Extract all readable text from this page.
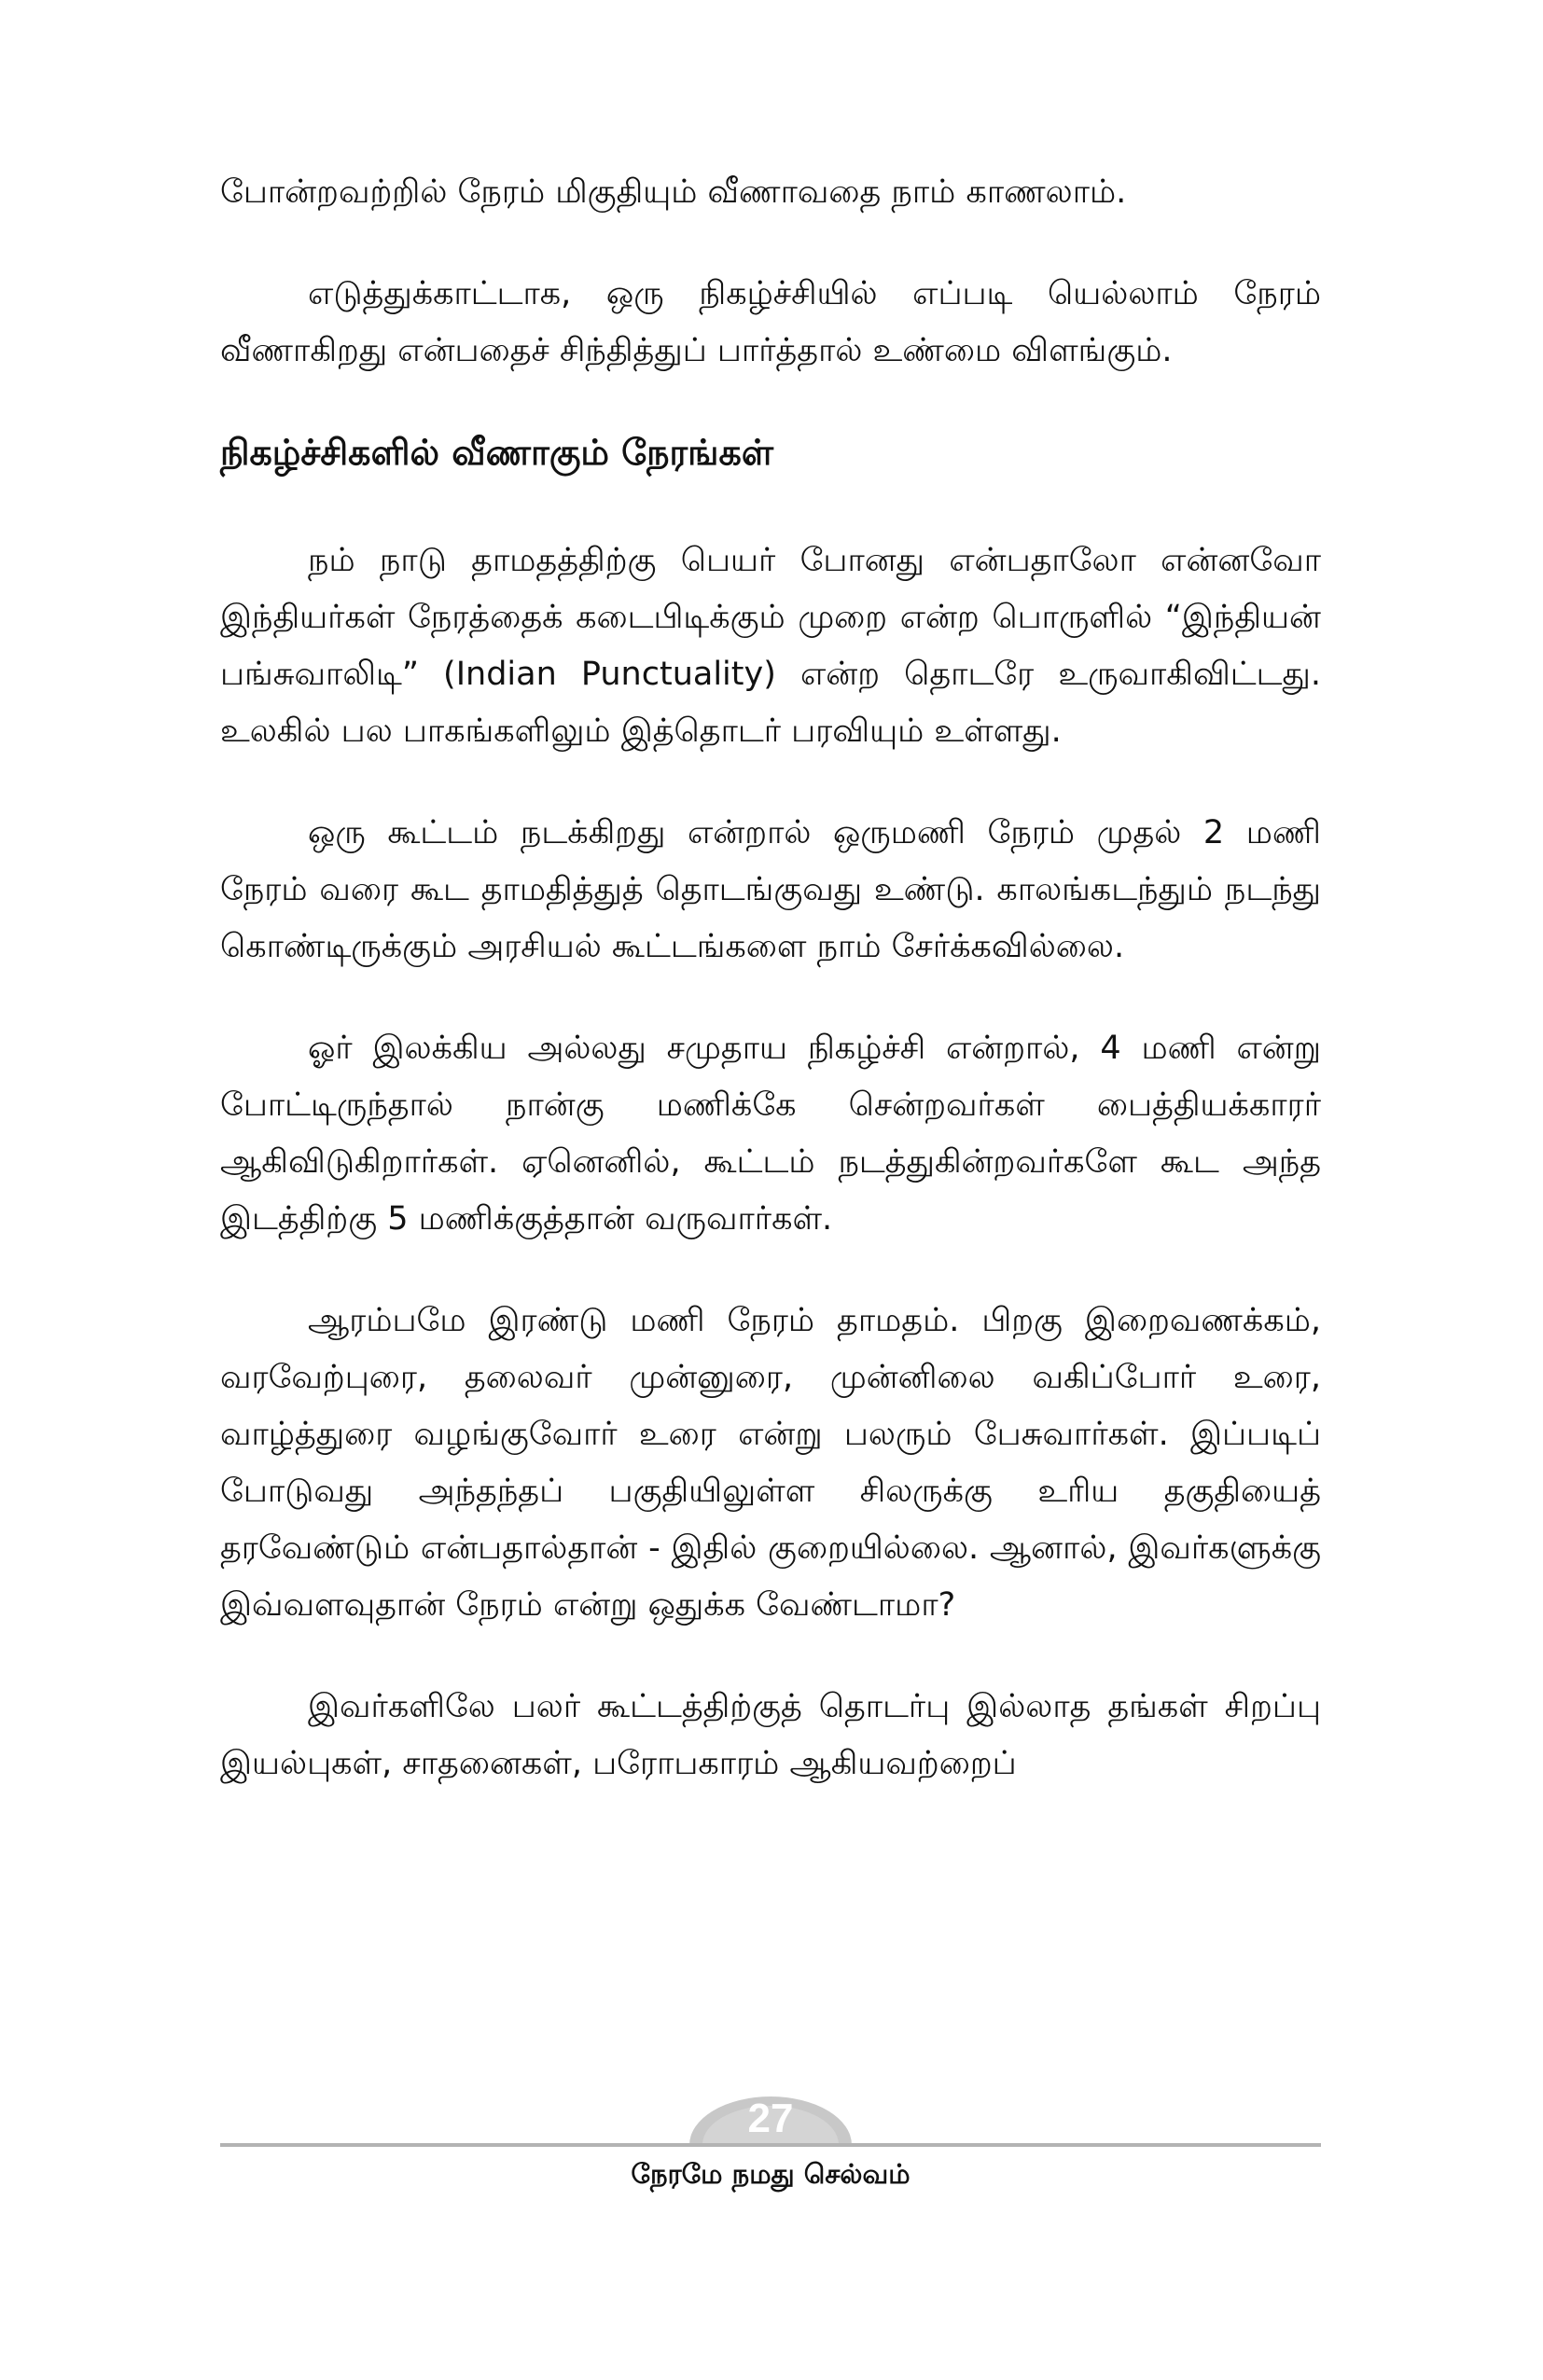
போன்றவற்றில் நேரம் மிகுதியும் வீணாவதை நாம் காணலாம்.

எடுத்துக்காட்டாக, ஒரு நிகழ்ச்சியில் எப்படி யெல்லாம் நேரம் வீணாகிறது என்பதைச் சிந்தித்துப் பார்த்தால் உண்மை விளங்கும்.

நிகழ்ச்சிகளில் வீணாகும் நேரங்கள்

நம் நாடு தாமதத்திற்கு பெயர் போனது என்பதாலோ என்னவோ இந்தியர்கள் நேரத்தைக் கடைபிடிக்கும் முறை என்ற பொருளில் “இந்தியன் பங்சுவாலிடி” (Indian Punctuality) என்ற தொடரே உருவாகிவிட்டது. உலகில் பல பாகங்களிலும் இத்தொடர் பரவியும் உள்ளது.

ஒரு கூட்டம் நடக்கிறது என்றால் ஒருமணி நேரம் முதல் 2 மணி நேரம் வரை கூட தாமதித்துத் தொடங்குவது உண்டு. காலங்கடந்தும் நடந்து கொண்டிருக்கும் அரசியல் கூட்டங்களை நாம் சேர்க்கவில்லை.

ஓர் இலக்கிய அல்லது சமுதாய நிகழ்ச்சி என்றால், 4 மணி என்று போட்டிருந்தால் நான்கு மணிக்கே சென்றவர்கள் பைத்தியக்காரர் ஆகிவிடுகிறார்கள். ஏனெனில், கூட்டம் நடத்துகின்றவர்களே கூட அந்த இடத்திற்கு 5 மணிக்குத்தான் வருவார்கள்.

ஆரம்பமே இரண்டு மணி நேரம் தாமதம். பிறகு இறைவணக்கம், வரவேற்புரை, தலைவர் முன்னுரை, முன்னிலை வகிப்போர் உரை, வாழ்த்துரை வழங்குவோர் உரை என்று பலரும் பேசுவார்கள். இப்படிப் போடுவது அந்தந்தப் பகுதியிலுள்ள சிலருக்கு உரிய தகுதியைத் தரவேண்டும் என்பதால்தான் - இதில் குறையில்லை. ஆனால், இவர்களுக்கு இவ்வளவுதான் நேரம் என்று ஒதுக்க வேண்டாமா?

இவர்களிலே பலர் கூட்டத்திற்குத் தொடர்பு இல்லாத தங்கள் சிறப்பு இயல்புகள், சாதனைகள், பரோபகாரம் ஆகியவற்றைப்

27
நேரமே நமது செல்வம்
